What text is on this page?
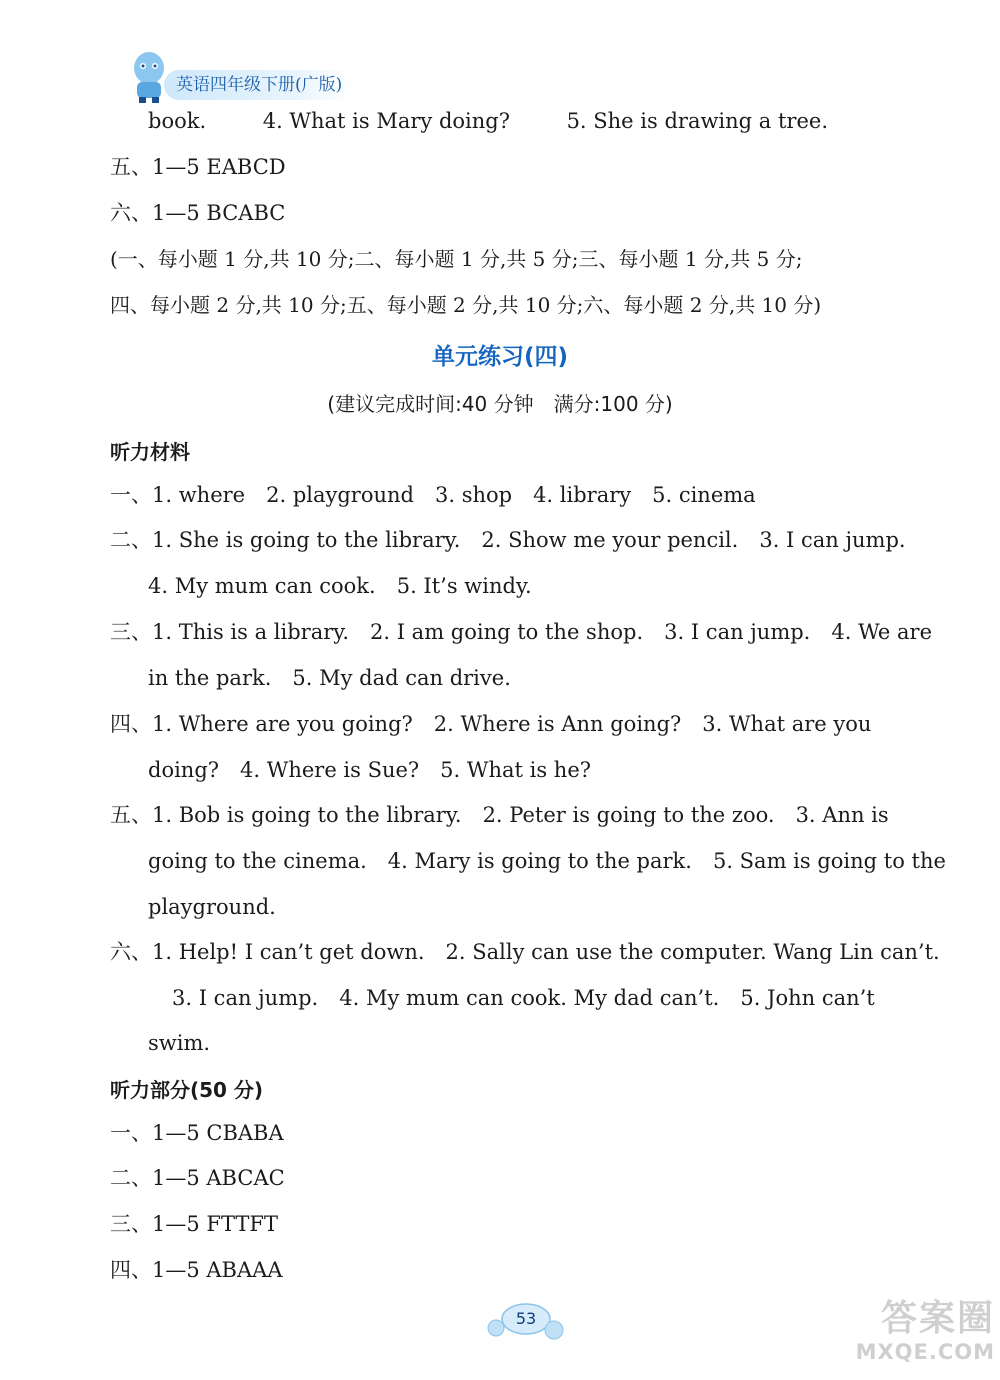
英语四年级下册(广版)
book.	4. What is Mary doing?	5. She is drawing a tree.
五、1—5 EABCD
六、1—5 BCABC
(一、每小题 1 分,共 10 分;二、每小题 1 分,共 5 分;三、每小题 1 分,共 5 分;
四、每小题 2 分,共 10 分;五、每小题 2 分,共 10 分;六、每小题 2 分,共 10 分)
单元练习(四)
(建议完成时间:40 分钟　满分:100 分)
听力材料
一、1. where　2. playground　3. shop　4. library　5. cinema
二、1. She is going to the library.　2. Show me your pencil.　3. I can jump.
4. My mum can cook.　5. It’s windy.
三、1. This is a library.　2. I am going to the shop.　3. I can jump.　4. We are
in the park.　5. My dad can drive.
四、1. Where are you going?　2. Where is Ann going?　3. What are you
doing?　4. Where is Sue?　5. What is he?
五、1. Bob is going to the library.　2. Peter is going to the zoo.　3. Ann is
going to the cinema.　4. Mary is going to the park.　5. Sam is going to the
playground.
六、1. Help! I can’t get down.　2. Sally can use the computer. Wang Lin can’t.
3. I can jump.　4. My mum can cook. My dad can’t.　5. John can’t
swim.
听力部分(50 分)
一、1—5 CBABA
二、1—5 ABCAC
三、1—5 FTTFT
四、1—5 ABAAA
53	答案圈
MXQE.COM
